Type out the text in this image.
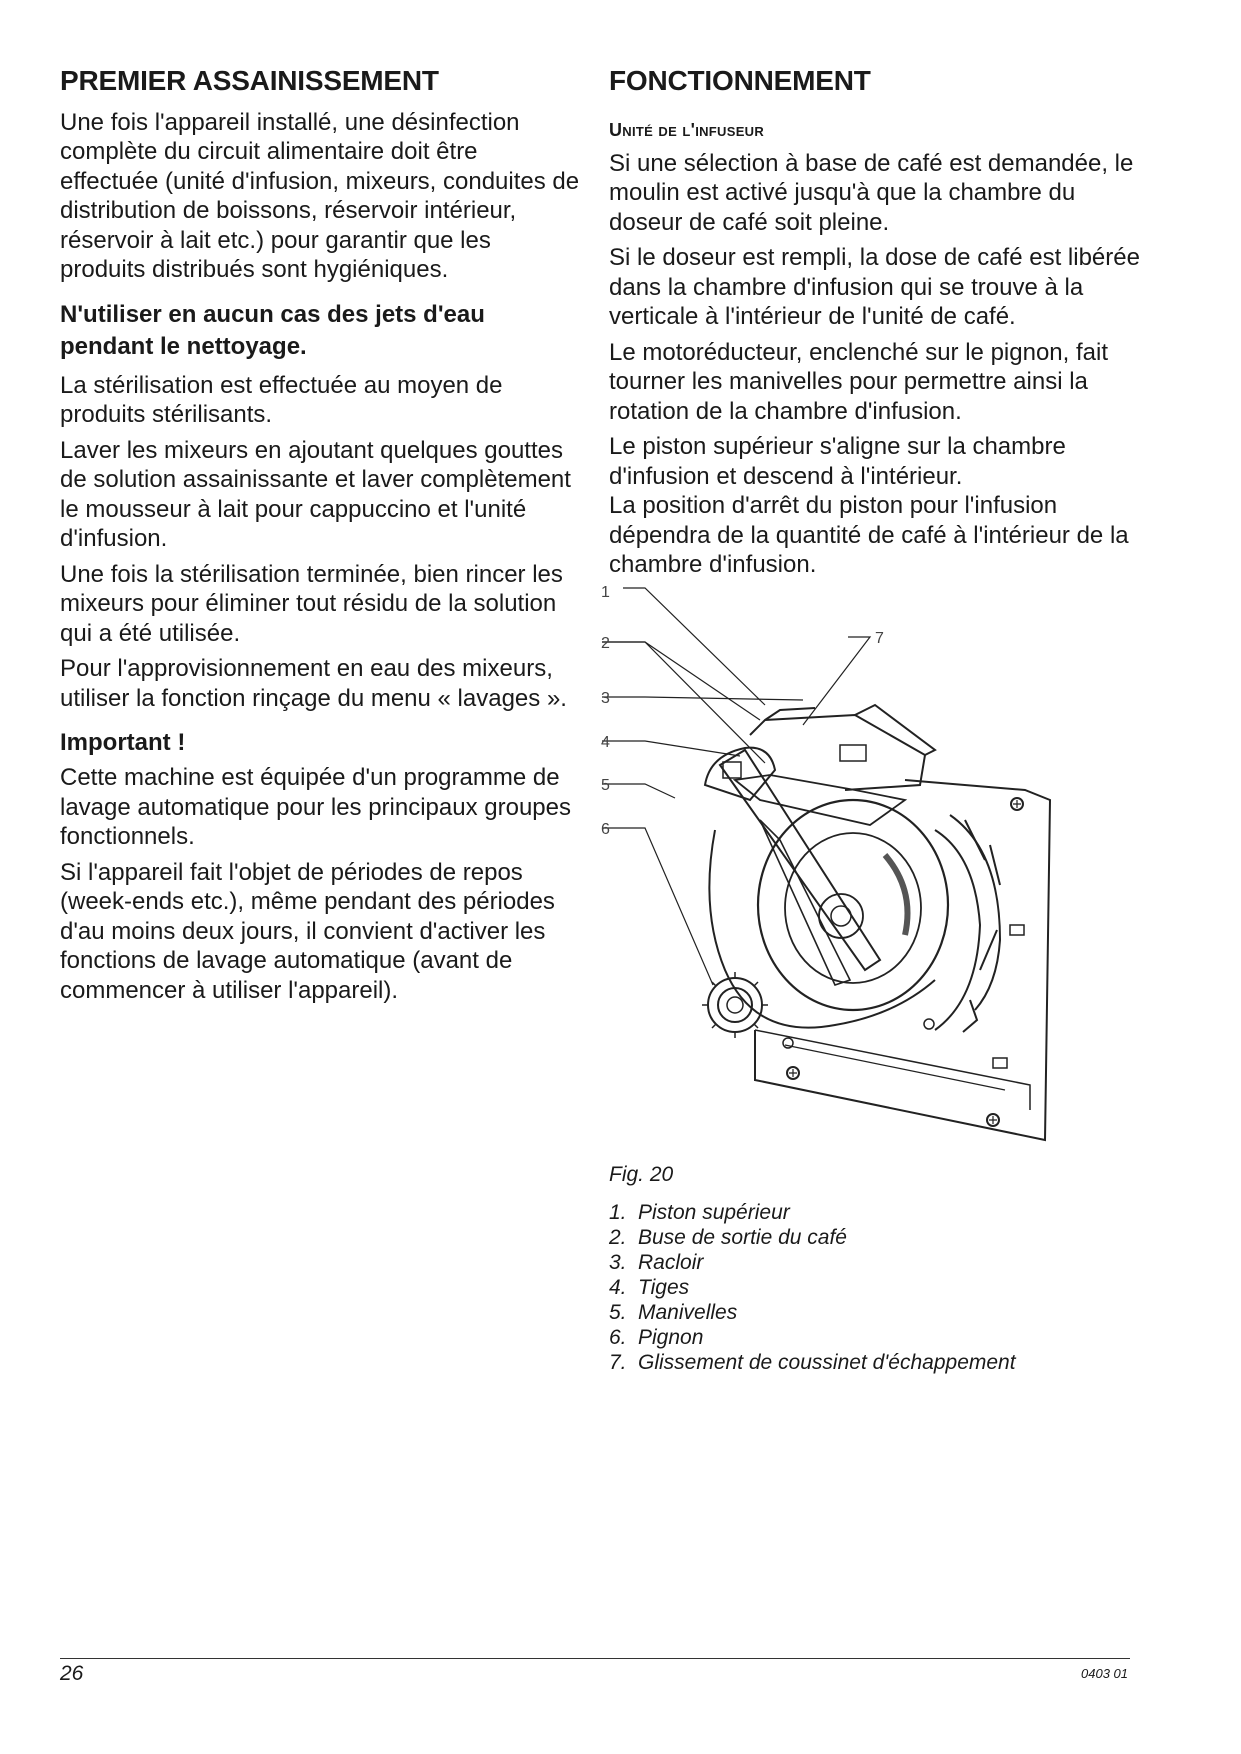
PREMIER ASSAINISSEMENT

Une fois l'appareil installé, une désinfection complète du circuit alimentaire doit être effectuée (unité d'infusion, mixeurs, conduites de distribution de boissons, réservoir intérieur, réservoir à lait etc.) pour garantir que les produits distribués sont hygiéniques.

N'utiliser en aucun cas des jets d'eau pendant le nettoyage.

La stérilisation est effectuée au moyen de produits stérilisants.

Laver les mixeurs en ajoutant quelques gouttes de solution assainissante et laver complètement le mousseur à lait pour cappuccino et l'unité d'infusion.

Une fois la stérilisation terminée, bien rincer les mixeurs pour éliminer tout résidu de la solution qui a été utilisée.

Pour l'approvisionnement en eau des mixeurs, utiliser la fonction rinçage du menu « lavages ».

Important !

Cette machine est équipée d'un programme de lavage automatique pour les principaux groupes fonctionnels.

Si l'appareil fait l'objet de périodes de repos (week-ends etc.), même pendant des périodes d'au moins deux jours, il convient d'activer les fonctions de lavage automatique (avant de commencer à utiliser l'appareil).

FONCTIONNEMENT
Unité de l'infuseur

Si une sélection à base de café est demandée, le moulin est activé jusqu'à que la chambre du doseur de café soit pleine.

Si le doseur est rempli, la dose de café est libérée dans la chambre d'infusion qui se trouve à la verticale à l'intérieur de l'unité de café.

Le motoréducteur, enclenché sur le pignon, fait tourner les manivelles pour permettre ainsi la rotation de la chambre d'infusion.

Le piston supérieur s'aligne sur la chambre d'infusion et descend à l'intérieur.

La position d'arrêt du piston pour l'infusion dépendra de la quantité de café à l'intérieur de la chambre d'infusion.

1
2
3
4
5
6
7
Fig. 20
1. Piston supérieur
2. Buse de sortie du café
3. Racloir
4. Tiges
5. Manivelles
6. Pignon
7. Glissement de coussinet d'échappement
26	0403 01
